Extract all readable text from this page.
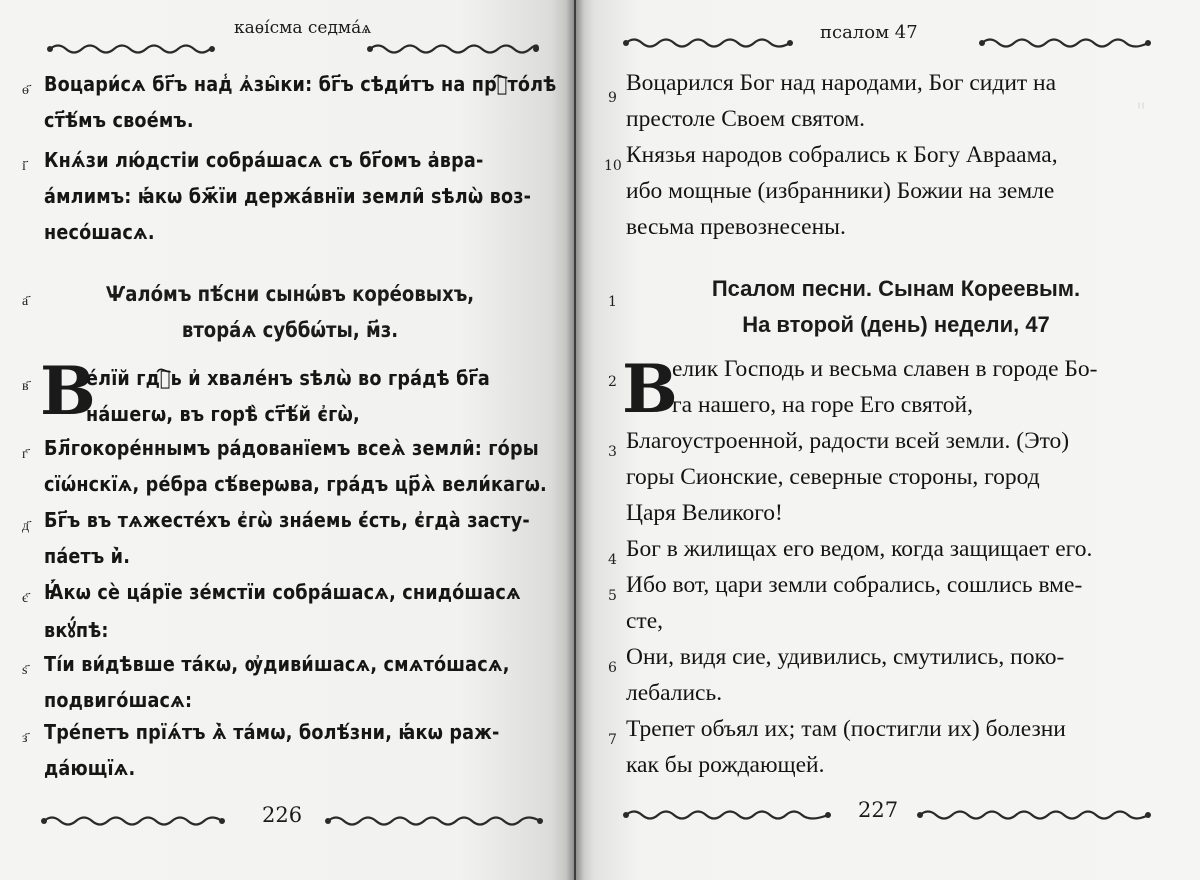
каѳі́сма седма́ѧ
ѳ҃ Воцари́сѧ бг҃ъ над̾ ѧ҆зы̑ки: бг҃ъ сѣди́тъ на прⷭ҇то́лѣ
ст҃ѣ́мъ свое́мъ.
і҃ Кнѧ́зи лю́дстіи собра́шасѧ съ бг҃омъ а҆вра-
а́млимъ: ꙗ҆́кѡ бж҃їи держа́внїи земли̑ ѕѣлѡ̀ воз-
несо́шасѧ.
а҃	Ѱало́мъ пѣ́сни сынѡ́въ коре́овыхъ,
втора́ѧ суббѡ́ты, м҃з.
В
в҃	е́лїй гдⷭ҇ь и҆ хвале́нъ ѕѣлѡ̀ во гра́дѣ бг҃а
на́шегѡ, въ горѣ̀ ст҃ѣ́й є҆гѡ̀,
г҃ Бл҃гокоре́ннымъ ра́дованїемъ всеѧ̀ земли̑: го́ры
сїѡ́нскїѧ, ре́бра сѣ́верѡва, гра́дъ цр҃ѧ̀ вели́кагѡ.
д҃ Бг҃ъ въ тѧжесте́хъ є҆гѡ̀ зна́емь є҆́сть, є҆гда̀ засту-
па́етъ и҆̀.
є҃ Ꙗ҆́кѡ сѐ ца́рїе зе́мстїи собра́шасѧ, снидо́шасѧ
вкꙋ́пѣ:
ѕ҃ Ті́и ви́дѣвше та́кѡ, ѹ҆диви́шасѧ, смѧто́шасѧ,
подвиго́шасѧ:
з҃ Тре́петъ прїѧ́тъ ѧ҆̀ та́мѡ, болѣ́зни, ꙗ҆́кѡ раж-
да́ющїѧ.
226
псалом 47
"
9
Воцарился Бог над народами, Бог сидит на
престоле Своем святом.
10 Князья народов собрались к Богу Авраама,
ибо мощные (избранники) Божии на земле
весьма превознесены.
1
Псалом песни. Сынам Кореевым.
На второй (день) недели, 47
В
2 елик Господь и весьма славен в городе Бо-
га нашего, на горе Его святой,
3 Благоустроенной, радости всей земли. (Это)
горы Сионские, северные стороны, город
Царя Великого!
4 Бог в жилищах его ведом, когда защищает его.
5 Ибо вот, цари земли собрались, сошлись вме-
сте,
6 Они, видя сие, удивились, смутились, поко-
лебались.
7 Трепет объял их; там (постигли их) болезни
как бы рождающей.
227
